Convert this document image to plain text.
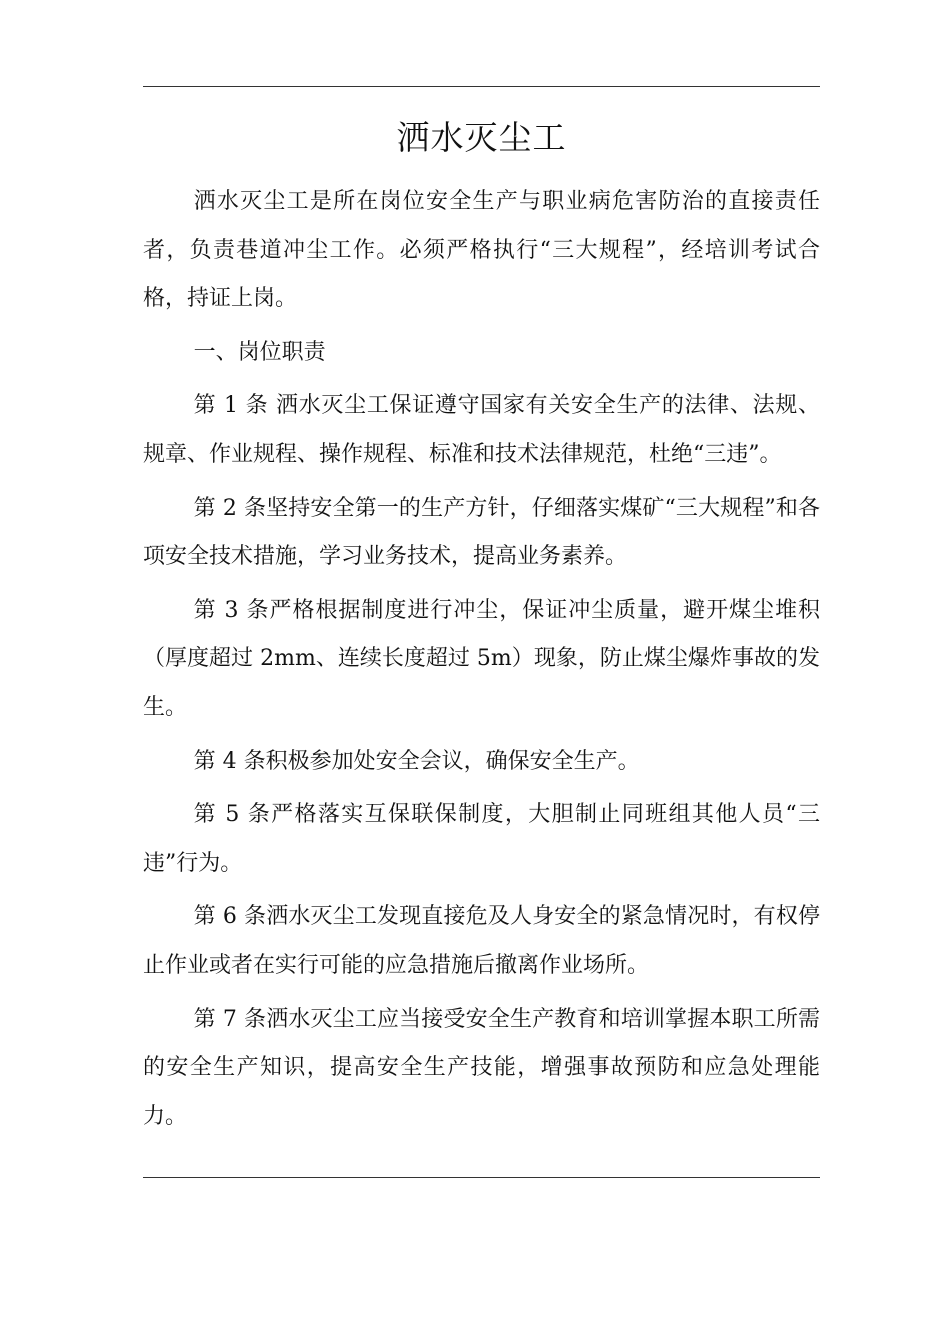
洒水灭尘工

洒水灭尘工是所在岗位安全生产与职业病危害防治的直接责任者，负责巷道冲尘工作。必须严格执行“三大规程”，经培训考试合格，持证上岗。

一、岗位职责

第 1 条 洒水灭尘工保证遵守国家有关安全生产的法律、法规、规章、作业规程、操作规程、标准和技术法律规范，杜绝“三违”。

第 2 条坚持安全第一的生产方针，仔细落实煤矿“三大规程”和各项安全技术措施，学习业务技术，提高业务素养。

第 3 条严格根据制度进行冲尘，保证冲尘质量，避开煤尘堆积（厚度超过 2mm、连续长度超过 5m）现象，防止煤尘爆炸事故的发生。

第 4 条积极参加处安全会议，确保安全生产。

第 5 条严格落实互保联保制度，大胆制止同班组其他人员“三违”行为。

第 6 条洒水灭尘工发现直接危及人身安全的紧急情况时，有权停止作业或者在实行可能的应急措施后撤离作业场所。

第 7 条洒水灭尘工应当接受安全生产教育和培训掌握本职工所需的安全生产知识，提高安全生产技能，增强事故预防和应急处理能力。
